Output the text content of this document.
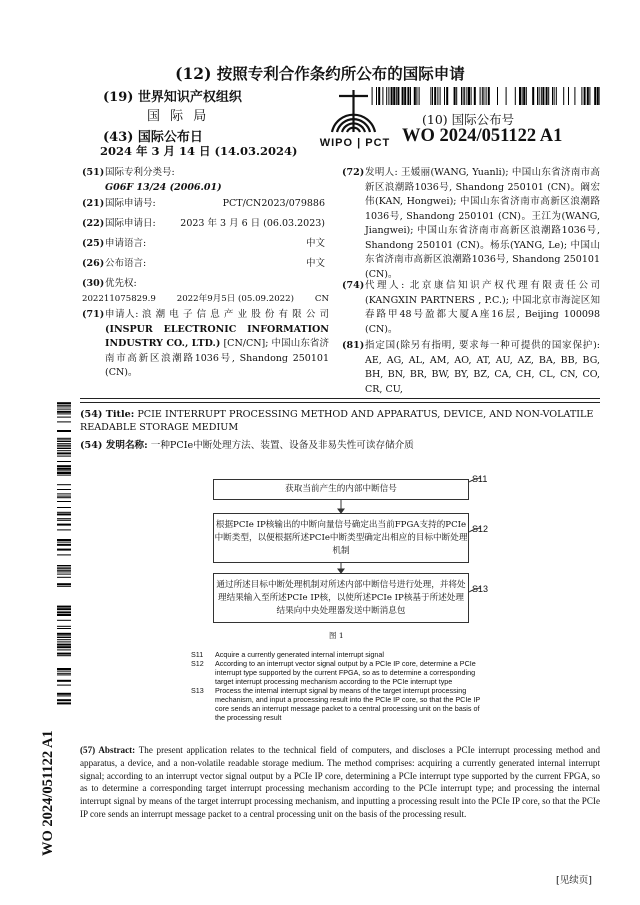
(12) 按照专利合作条约所公布的国际申请
(19) 世界知识产权组织
国 际 局
(43) 国际公布日
2024 年 3 月 14 日 (14.03.2024)
WIPO | PCT
(10) 国际公布号
WO 2024/051122 A1
(51) 国际专利分类号:
G06F 13/24 (2006.01)
(21) 国际申请号:	PCT/CN2023/079886
(22) 国际申请日:	2023 年 3 月 6 日 (06.03.2023)
(25) 申请语言:	中文
(26) 公布语言:	中文
(30) 优先权:
202211075829.9 2022年9月5日 (05.09.2022) CN
(71) 申请人: 浪 潮 电 子 信 息 产 业 股 份 有 限 公 司 (INSPUR ELECTRONIC INFORMATION INDUSTRY CO., LTD.) [CN/CN]; 中国山东省济南市高新区浪潮路1036号, Shandong 250101 (CN)。
(72) 发明人: 王媛丽(WANG, Yuanli); 中国山东省济南市高新区浪潮路1036号, Shandong 250101 (CN)。阚宏伟(KAN, Hongwei); 中国山东省济南市高新区浪潮路1036号, Shandong 250101 (CN)。王江为(WANG, Jiangwei); 中国山东省济南市高新区浪潮路1036号, Shandong 250101 (CN)。杨乐(YANG, Le); 中国山东省济南市高新区浪潮路1036号, Shandong 250101 (CN)。
(74) 代理人: 北京康信知识产权代理有限责任公司 (KANGXIN PARTNERS , P.C.); 中国北京市海淀区知春路甲48号盈都大厦A座16层, Beijing 100098 (CN)。
(81) 指定国(除另有指明, 要求每一种可提供的国家保护): AE, AG, AL, AM, AO, AT, AU, AZ, BA, BB, BG, BH, BN, BR, BW, BY, BZ, CA, CH, CL, CN, CO, CR, CU,
WO 2024/051122 A1
(54) Title: PCIE INTERRUPT PROCESSING METHOD AND APPARATUS, DEVICE, AND NON-VOLATILE READABLE STORAGE MEDIUM
(54) 发明名称: 一种PCIe中断处理方法、装置、设备及非易失性可读存储介质
获取当前产生的内部中断信号
根据PCIe IP核输出的中断向量信号确定出当前FPGA支持的PCIe中断类型，以便根据所述PCIe中断类型确定出相应的目标中断处理机制
通过所述目标中断处理机制对所述内部中断信号进行处理，并将处理结果输入至所述PCIe IP核，以使所述PCIe IP核基于所述处理结果向中央处理器发送中断消息包
S11
S12
S13
图 1
S11	Acquire a currently generated internal interrupt signal
S12	According to an interrupt vector signal output by a PCIe IP core, determine a PCIe interrupt type supported by the current FPGA, so as to determine a corresponding target interrupt processing mechanism according to the PCIe interrupt type
S13	Process the internal interrupt signal by means of the target interrupt processing mechanism, and input a processing result into the PCIe IP core, so that the PCIe IP core sends an interrupt message packet to a central processing unit on the basis of the processing result
(57) Abstract: The present application relates to the technical field of computers, and discloses a PCIe interrupt processing method and apparatus, a device, and a non-volatile readable storage medium. The method comprises: acquiring a currently generated internal interrupt signal; according to an interrupt vector signal output by a PCIe IP core, determining a PCIe interrupt type supported by the current FPGA, so as to determine a corresponding target interrupt processing mechanism according to the PCIe interrupt type; and processing the internal interrupt signal by means of the target interrupt processing mechanism, and inputting a processing result into the PCIe IP core, so that the PCIe IP core sends an interrupt message packet to a central processing unit on the basis of the processing result.
[见续页]
